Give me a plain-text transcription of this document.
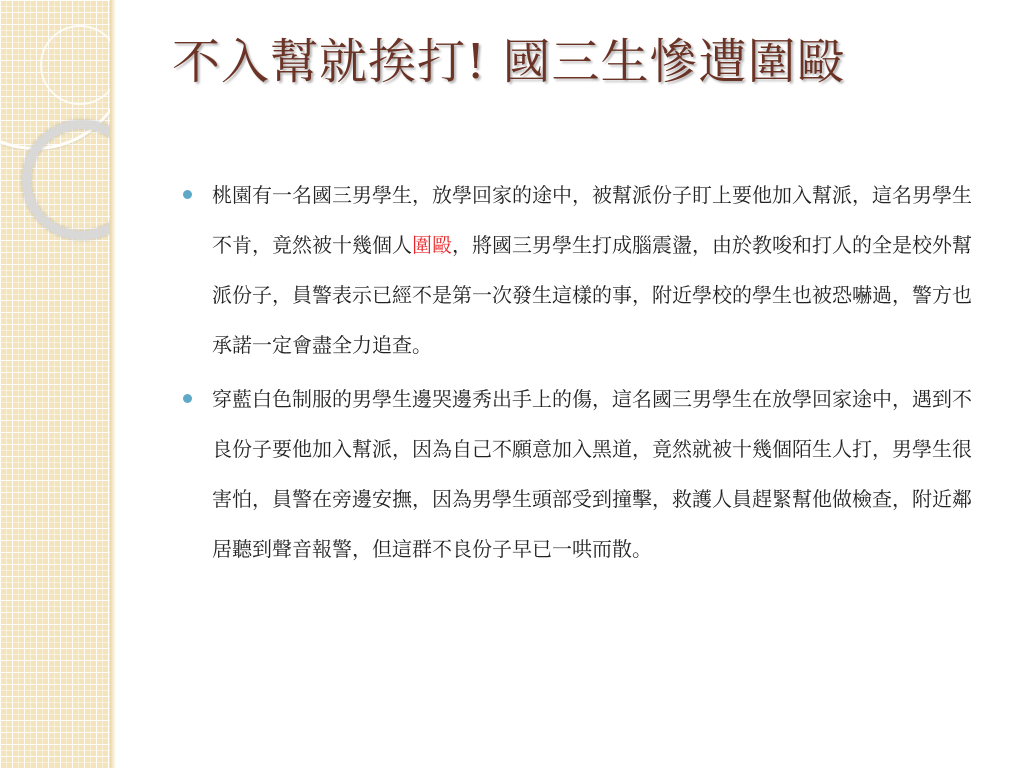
不入幫就挨打! 國三生慘遭圍毆
桃園有一名國三男學生，放學回家的途中，被幫派份子盯上要他加入幫派，這名男學生不肯，竟然被十幾個人圍毆，將國三男學生打成腦震盪，由於教唆和打人的全是校外幫派份子，員警表示已經不是第一次發生這樣的事，附近學校的學生也被恐嚇過，警方也承諾一定會盡全力追查。
穿藍白色制服的男學生邊哭邊秀出手上的傷，這名國三男學生在放學回家途中，遇到不良份子要他加入幫派，因為自己不願意加入黑道，竟然就被十幾個陌生人打，男學生很害怕，員警在旁邊安撫，因為男學生頭部受到撞擊，救護人員趕緊幫他做檢查，附近鄰居聽到聲音報警，但這群不良份子早已一哄而散。
